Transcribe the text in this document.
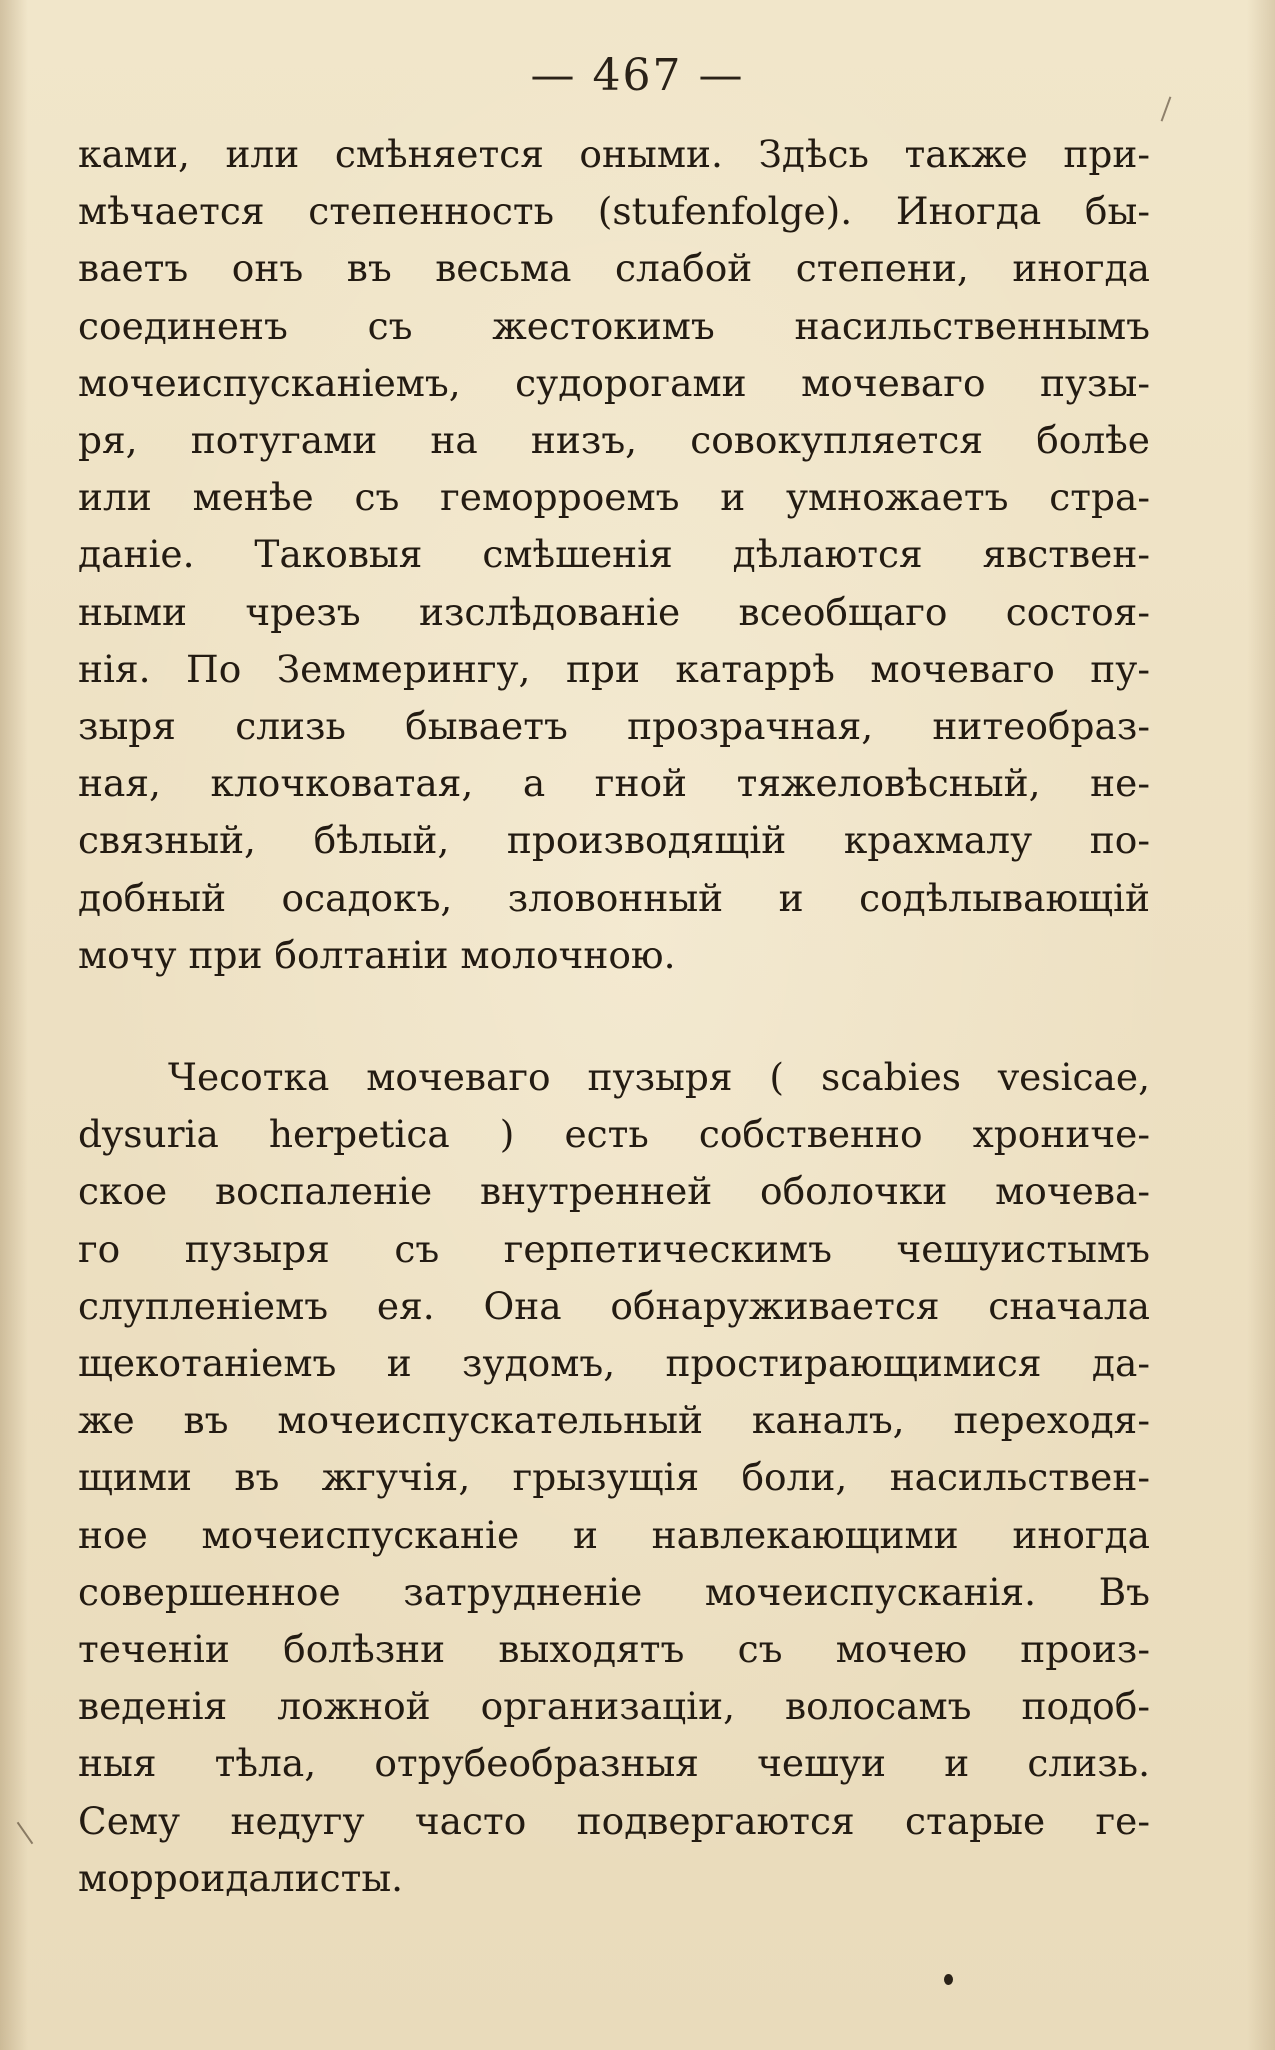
— 467 —
ками, или смѣняется оными. Здѣсь также при-
мѣчается степенность (stufenfolge). Иногда бы-
ваетъ онъ въ весьма слабой степени, иногда
соединенъ съ жестокимъ насильственнымъ
мочеиспусканіемъ, судорогами мочеваго пузы-
ря, потугами на низъ, совокупляется болѣе
или менѣе съ геморроемъ и умножаетъ стра-
даніе. Таковыя смѣшенія дѣлаются явствен-
ными чрезъ изслѣдованіе всеобщаго состоя-
нія. По Земмерингу, при катаррѣ мочеваго пу-
зыря слизь бываетъ прозрачная, нитеобраз-
ная, клочковатая, а гной тяжеловѣсный, не-
связный, бѣлый, производящій крахмалу по-
добный осадокъ, зловонный и содѣлывающій
мочу при болтаніи молочною.
Чесотка мочеваго пузыря ( scabies vesicae,
dysuria herpetica ) есть собственно хрониче-
ское воспаленіе внутренней оболочки мочева-
го пузыря съ герпетическимъ чешуистымъ
слупленіемъ ея. Она обнаруживается сначала
щекотаніемъ и зудомъ, простирающимися да-
же въ мочеиспускательный каналъ, переходя-
щими въ жгучія, грызущія боли, насильствен-
ное мочеиспусканіе и навлекающими иногда
совершенное затрудненіе мочеиспусканія. Въ
теченіи болѣзни выходятъ съ мочею произ-
веденія ложной организаціи, волосамъ подоб-
ныя тѣла, отрубеобразныя чешуи и слизь.
Сему недугу часто подвергаются старые ге-
морроидалисты.
